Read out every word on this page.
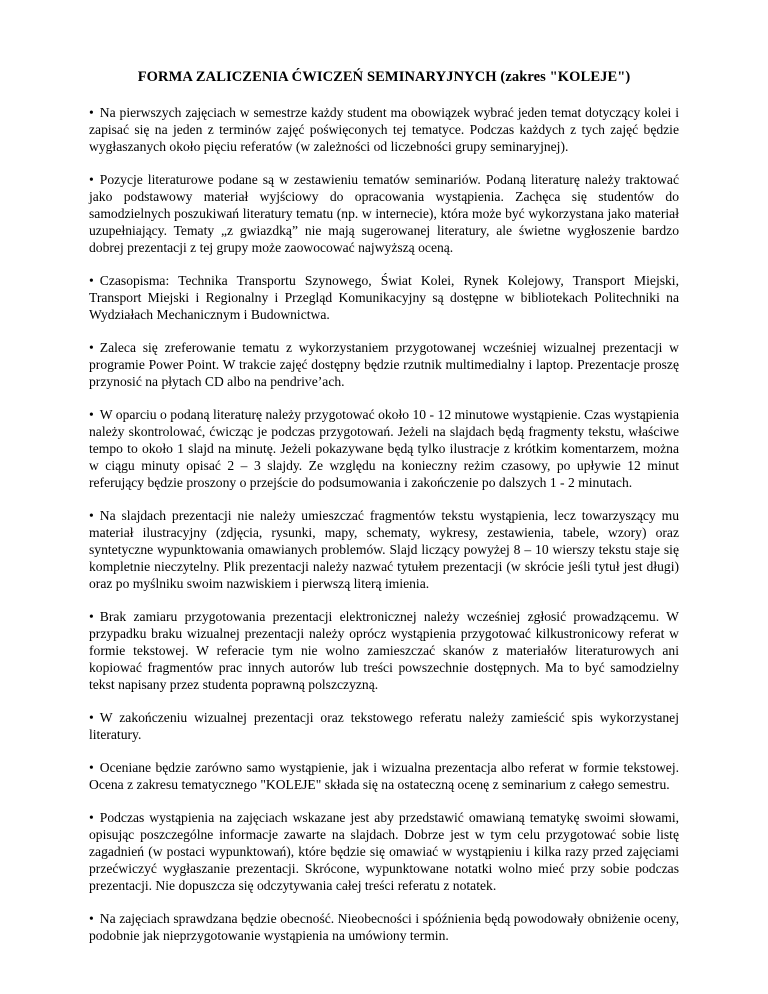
FORMA ZALICZENIA ĆWICZEŃ SEMINARYJNYCH (zakres "KOLEJE")
• Na pierwszych zajęciach w semestrze każdy student ma obowiązek wybrać jeden temat dotyczący kolei i zapisać się na jeden z terminów zajęć poświęconych tej tematyce. Podczas każdych z tych zajęć będzie wygłaszanych około pięciu referatów (w zależności od liczebności grupy seminaryjnej).
• Pozycje literaturowe podane są w zestawieniu tematów seminariów. Podaną literaturę należy traktować jako podstawowy materiał wyjściowy do opracowania wystąpienia. Zachęca się studentów do samodzielnych poszukiwań literatury tematu (np. w internecie), która może być wykorzystana jako materiał uzupełniający. Tematy „z gwiazdką” nie mają sugerowanej literatury, ale świetne wygłoszenie bardzo dobrej prezentacji z tej grupy może zaowocować najwyższą oceną.
• Czasopisma: Technika Transportu Szynowego, Świat Kolei, Rynek Kolejowy, Transport Miejski, Transport Miejski i Regionalny i Przegląd Komunikacyjny są dostępne w bibliotekach Politechniki na Wydziałach Mechanicznym i Budownictwa.
• Zaleca się zreferowanie tematu z wykorzystaniem przygotowanej wcześniej wizualnej prezentacji w programie Power Point. W trakcie zajęć dostępny będzie rzutnik multimedialny i laptop. Prezentacje proszę przynosić na płytach CD albo na pendrive’ach.
• W oparciu o podaną literaturę należy przygotować około 10 - 12 minutowe wystąpienie. Czas wystąpienia należy skontrolować, ćwicząc je podczas przygotowań. Jeżeli na slajdach będą fragmenty tekstu, właściwe tempo to około 1 slajd na minutę. Jeżeli pokazywane będą tylko ilustracje z krótkim komentarzem, można w ciągu minuty opisać 2 – 3 slajdy. Ze względu na konieczny reżim czasowy, po upływie 12 minut referujący będzie proszony o przejście do podsumowania i zakończenie po dalszych 1 - 2 minutach.
• Na slajdach prezentacji nie należy umieszczać fragmentów tekstu wystąpienia, lecz towarzyszący mu materiał ilustracyjny (zdjęcia, rysunki, mapy, schematy, wykresy, zestawienia, tabele, wzory) oraz syntetyczne wypunktowania omawianych problemów. Slajd liczący powyżej 8 – 10 wierszy tekstu staje się kompletnie nieczytelny. Plik prezentacji należy nazwać tytułem prezentacji (w skrócie jeśli tytuł jest długi) oraz po myślniku swoim nazwiskiem i pierwszą literą imienia.
• Brak zamiaru przygotowania prezentacji elektronicznej należy wcześniej zgłosić prowadzącemu. W przypadku braku wizualnej prezentacji należy oprócz wystąpienia przygotować kilkustronicowy referat w formie tekstowej. W referacie tym nie wolno zamieszczać skanów z materiałów literaturowych ani kopiować fragmentów prac innych autorów lub treści powszechnie dostępnych. Ma to być samodzielny tekst napisany przez studenta poprawną polszczyzną.
• W zakończeniu wizualnej prezentacji oraz tekstowego referatu należy zamieścić spis wykorzystanej literatury.
• Oceniane będzie zarówno samo wystąpienie, jak i wizualna prezentacja albo referat w formie tekstowej. Ocena z zakresu tematycznego "KOLEJE" składa się na ostateczną ocenę z seminarium z całego semestru.
• Podczas wystąpienia na zajęciach wskazane jest aby przedstawić omawianą tematykę swoimi słowami, opisując poszczególne informacje zawarte na slajdach. Dobrze jest w tym celu przygotować sobie listę zagadnień (w postaci wypunktowań), które będzie się omawiać w wystąpieniu i kilka razy przed zajęciami przećwiczyć wygłaszanie prezentacji. Skrócone, wypunktowane notatki wolno mieć przy sobie podczas prezentacji. Nie dopuszcza się odczytywania całej treści referatu z notatek.
• Na zajęciach sprawdzana będzie obecność. Nieobecności i spóźnienia będą powodowały obniżenie oceny, podobnie jak nieprzygotowanie wystąpienia na umówiony termin.
